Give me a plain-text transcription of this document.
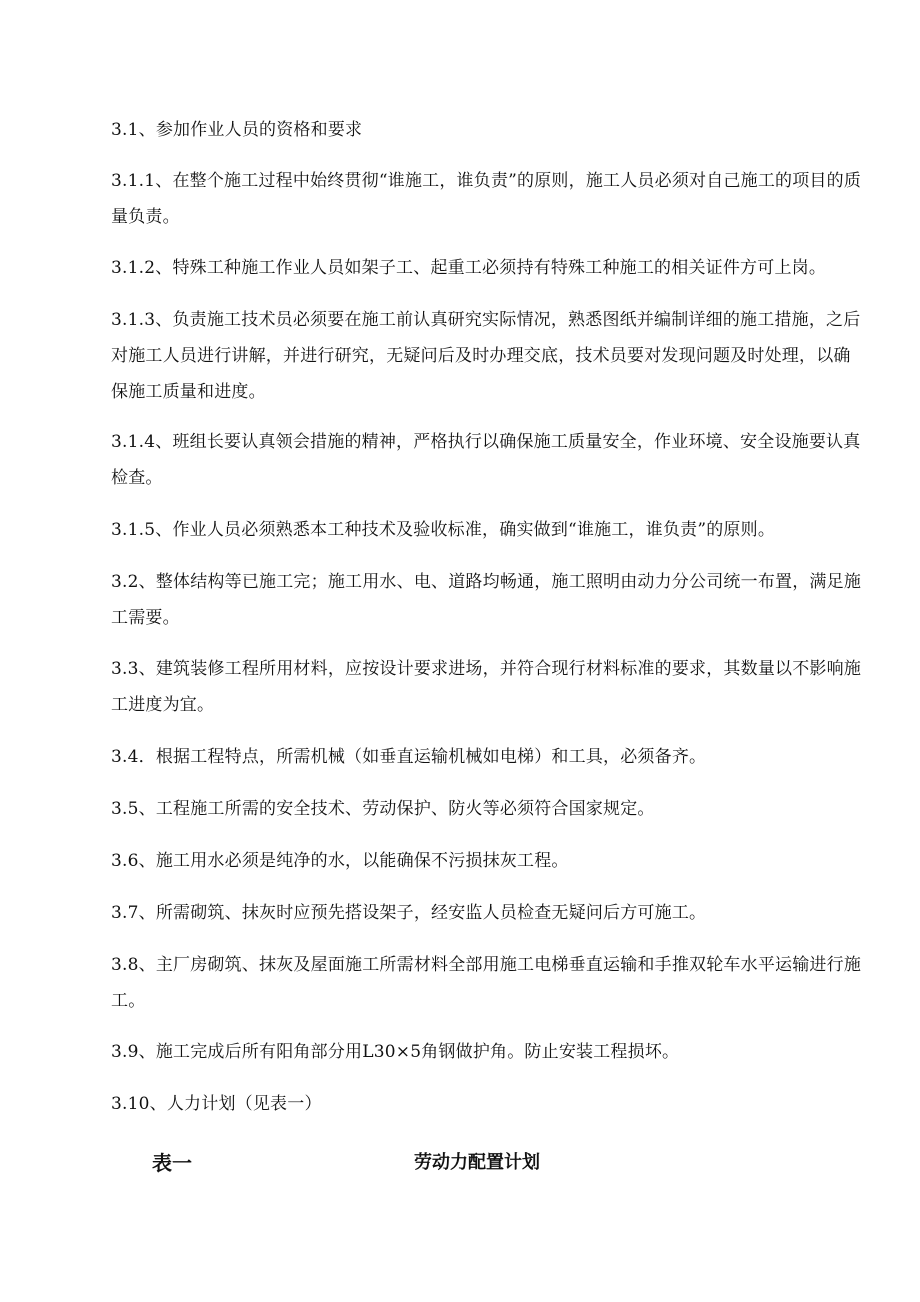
3.1、参加作业人员的资格和要求

3.1.1、在整个施工过程中始终贯彻“谁施工，谁负责”的原则，施工人员必须对自己施工的项目的质量负责。

3.1.2、特殊工种施工作业人员如架子工、起重工必须持有特殊工种施工的相关证件方可上岗。

3.1.3、负责施工技术员必须要在施工前认真研究实际情况，熟悉图纸并编制详细的施工措施，之后对施工人员进行讲解，并进行研究，无疑问后及时办理交底，技术员要对发现问题及时处理，以确保施工质量和进度。

3.1.4、班组长要认真领会措施的精神，严格执行以确保施工质量安全，作业环境、安全设施要认真检查。

3.1.5、作业人员必须熟悉本工种技术及验收标准，确实做到“谁施工，谁负责”的原则。

3.2、整体结构等已施工完；施工用水、电、道路均畅通，施工照明由动力分公司统一布置，满足施工需要。

3.3、建筑装修工程所用材料，应按设计要求进场，并符合现行材料标准的要求，其数量以不影响施工进度为宜。

3.4．根据工程特点，所需机械（如垂直运输机械如电梯）和工具，必须备齐。

3.5、工程施工所需的安全技术、劳动保护、防火等必须符合国家规定。

3.6、施工用水必须是纯净的水，以能确保不污损抹灰工程。

3.7、所需砌筑、抹灰时应预先搭设架子，经安监人员检查无疑问后方可施工。

3.8、主厂房砌筑、抹灰及屋面施工所需材料全部用施工电梯垂直运输和手推双轮车水平运输进行施工。

3.9、施工完成后所有阳角部分用L30×5角钢做护角。防止安装工程损坏。

3.10、人力计划（见表一）

表一	劳动力配置计划
